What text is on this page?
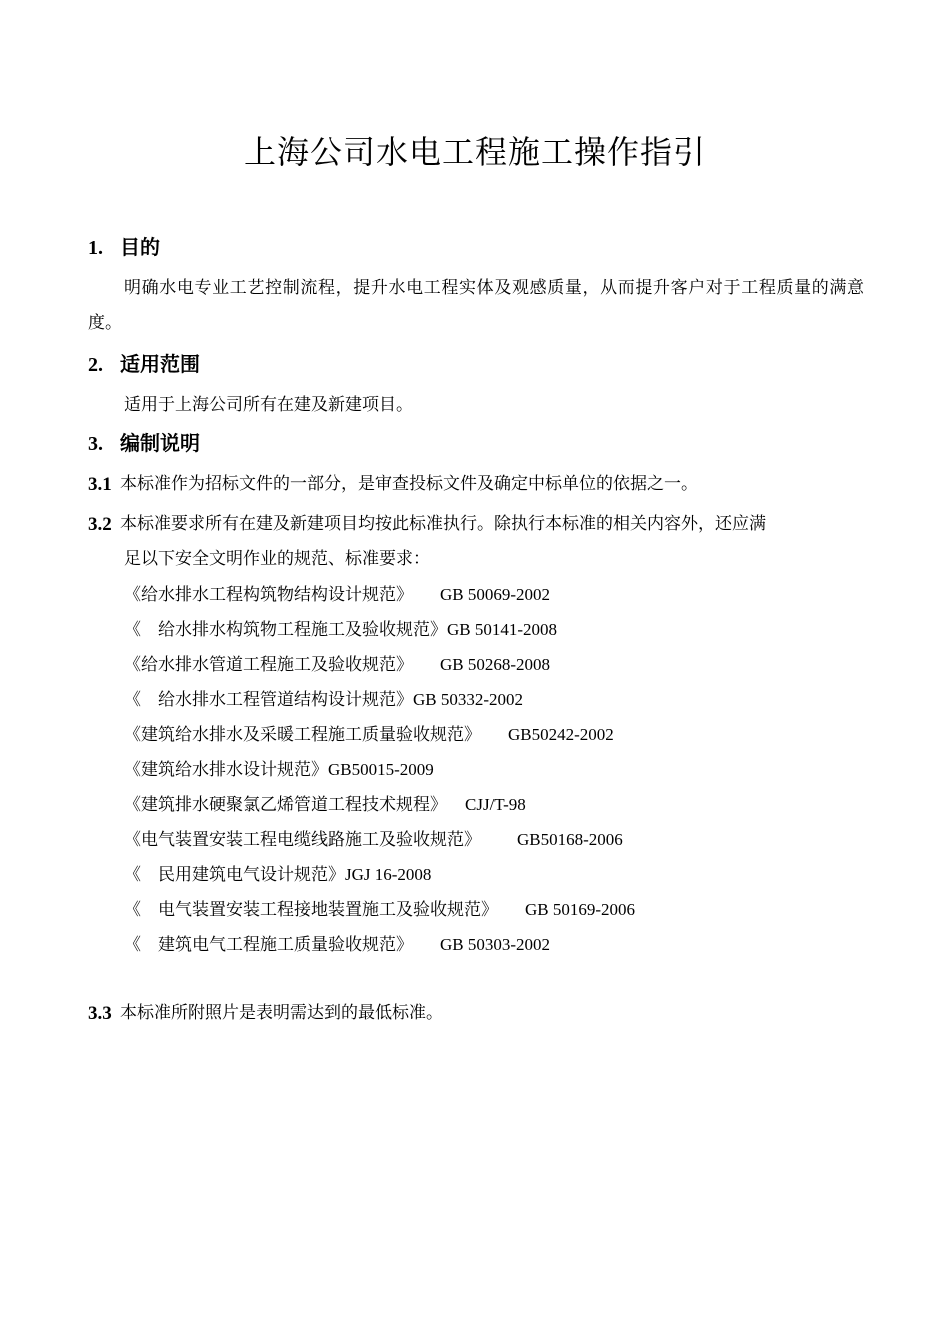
上海公司水电工程施工操作指引
1. 目的

明确水电专业工艺控制流程，提升水电工程实体及观感质量，从而提升客户对于工程质量的满意度。

2. 适用范围

适用于上海公司所有在建及新建项目。

3. 编制说明
3.1 本标准作为招标文件的一部分，是审查投标文件及确定中标单位的依据之一。
3.2 本标准要求所有在建及新建项目均按此标准执行。除执行本标准的相关内容外，还应满
足以下安全文明作业的规范、标准要求：
《给水排水工程构筑物结构设计规范》 GB 50069-2002
《　给水排水构筑物工程施工及验收规范》GB 50141-2008
《给水排水管道工程施工及验收规范》 GB 50268-2008
《　给水排水工程管道结构设计规范》GB 50332-2002
《建筑给水排水及采暖工程施工质量验收规范》 GB50242-2002
《建筑给水排水设计规范》GB50015-2009
《建筑排水硬聚氯乙烯管道工程技术规程》 CJJ/T-98
《电气装置安装工程电缆线路施工及验收规范》 GB50168-2006
《　民用建筑电气设计规范》JGJ 16-2008
《　电气装置安装工程接地装置施工及验收规范》 GB 50169-2006
《　建筑电气工程施工质量验收规范》 GB 50303-2002
3.3 本标准所附照片是表明需达到的最低标准。
